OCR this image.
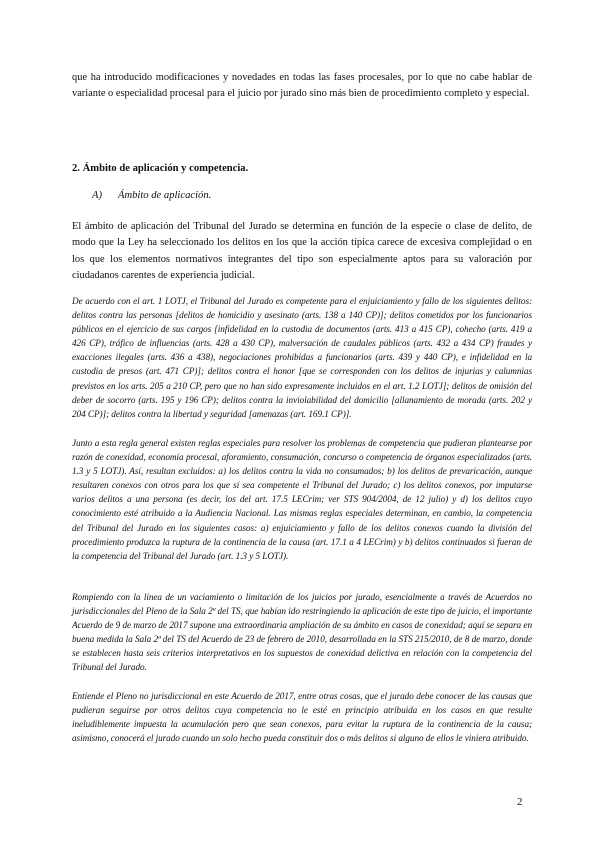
que ha introducido modificaciones y novedades en todas las fases procesales, por lo que no cabe hablar de variante o especialidad procesal para el juicio por jurado sino más bien de procedimiento completo y especial.

2. Ámbito de aplicación y competencia.
A) Ámbito de aplicación.

El ámbito de aplicación del Tribunal del Jurado se determina en función de la especie o clase de delito, de modo que la Ley ha seleccionado los delitos en los que la acción típica carece de excesiva complejidad o en los que los elementos normativos integrantes del tipo son especialmente aptos para su valoración por ciudadanos carentes de experiencia judicial.

De acuerdo con el art. 1 LOTJ, el Tribunal del Jurado es competente para el enjuiciamiento y fallo de los siguientes delitos: delitos contra las personas [delitos de homicidio y asesinato (arts. 138 a 140 CP)]; delitos cometidos por los funcionarios públicos en el ejercicio de sus cargos [infidelidad en la custodia de documentos (arts. 413 a 415 CP), cohecho (arts. 419 a 426 CP), tráfico de influencias (arts. 428 a 430 CP), malversación de caudales públicos (arts. 432 a 434 CP) fraudes y exacciones ilegales (arts. 436 a 438), negociaciones prohibidas a funcionarios (arts. 439 y 440 CP), e infidelidad en la custodia de presos (art. 471 CP)]; delitos contra el honor [que se corresponden con los delitos de injurias y calumnias previstos en los arts. 205 a 210 CP, pero que no han sido expresamente incluidos en el art. 1.2 LOTJ]; delitos de omisión del deber de socorro (arts. 195 y 196 CP); delitos contra la inviolabilidad del domicilio [allanamiento de morada (arts. 202 y 204 CP)]; delitos contra la libertad y seguridad [amenazas (art. 169.1 CP)].

Junto a esta regla general existen reglas especiales para resolver los problemas de competencia que pudieran plantearse por razón de conexidad, economía procesal, aforamiento, consumación, concurso o competencia de órganos especializados (arts. 1.3 y 5 LOTJ). Así, resultan excluidos: a) los delitos contra la vida no consumados; b) los delitos de prevaricación, aunque resultaren conexos con otros para los que sí sea competente el Tribunal del Jurado; c) los delitos conexos, por imputarse varios delitos a una persona (es decir, los del art. 17.5 LECrim; ver STS 904/2004, de 12 julio) y d) los delitos cuyo conocimiento esté atribuido a la Audiencia Nacional. Las mismas reglas especiales determinan, en cambio, la competencia del Tribunal del Jurado en los siguientes casos: a) enjuiciamiento y fallo de los delitos conexos cuando la división del procedimiento produzca la ruptura de la continencia de la causa (art. 17.1 a 4 LECrim) y b) delitos continuados si fueran de la competencia del Tribunal del Jurado (art. 1.3 y 5 LOTJ).

Rompiendo con la línea de un vaciamiento o limitación de los juicios por jurado, esencialmente a través de Acuerdos no jurisdiccionales del Pleno de la Sala 2ª del TS, que habían ido restringiendo la aplicación de este tipo de juicio, el importante Acuerdo de 9 de marzo de 2017 supone una extraordinaria ampliación de su ámbito en casos de conexidad; aquí se separa en buena medida la Sala 2ª del TS del Acuerdo de 23 de febrero de 2010, desarrollada en la STS 215/2010, de 8 de marzo, donde se establecen hasta seis criterios interpretativos en los supuestos de conexidad delictiva en relación con la competencia del Tribunal del Jurado.

Entiende el Pleno no jurisdiccional en este Acuerdo de 2017, entre otras cosas, que el jurado debe conocer de las causas que pudieran seguirse por otros delitos cuya competencia no le esté en principio atribuida en los casos en que resulte ineludiblemente impuesta la acumulación pero que sean conexos, para evitar la ruptura de la continencia de la causa; asimismo, conocerá el jurado cuando un solo hecho pueda constituir dos o más delitos si alguno de ellos le viniera atribuido.

2
